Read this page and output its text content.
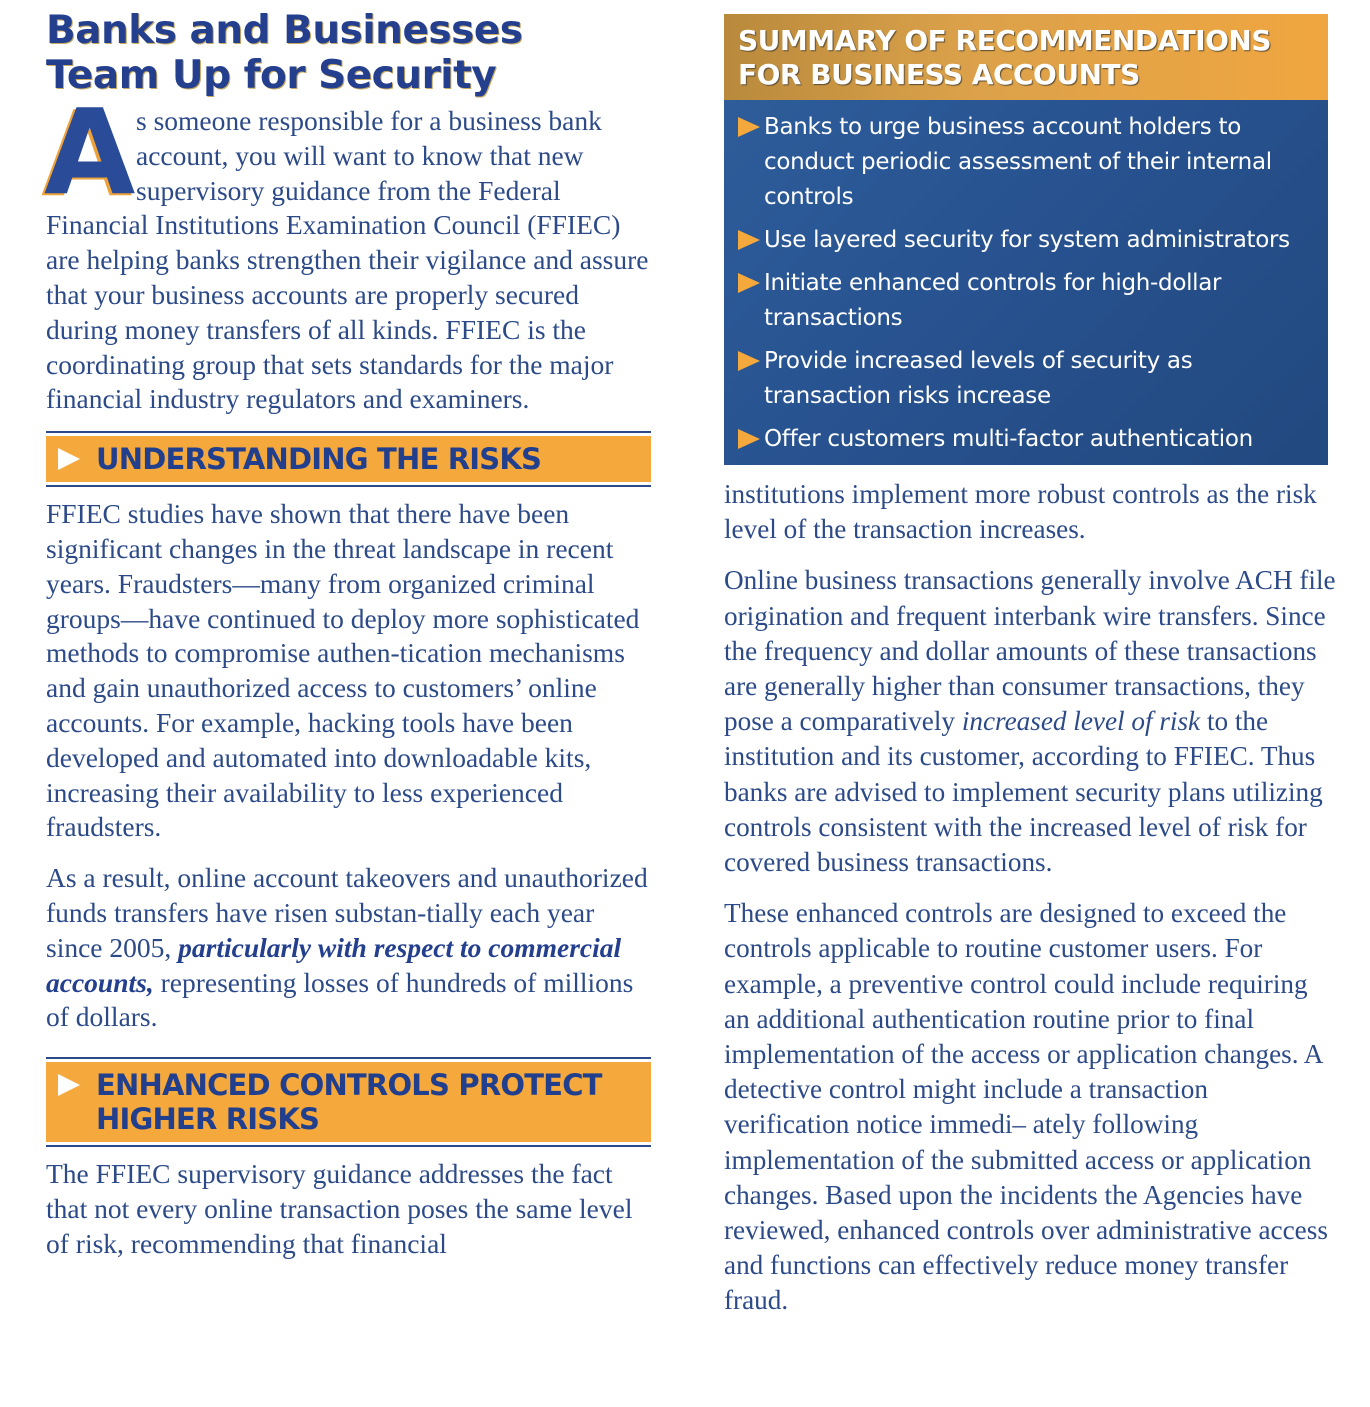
Banks and Businesses
Team Up for Security
A s someone responsible for a business bank account, you will want to know that new supervisory guidance from the Federal Financial Institutions Examination Council (FFIEC) are helping banks strengthen their vigilance and assure that your business accounts are properly secured during money transfers of all kinds. FFIEC is the coordinating group that sets standards for the major financial industry regulators and examiners.

UNDERSTANDING THE RISKS

FFIEC studies have shown that there have been significant changes in the threat landscape in recent years. Fraudsters—many from organized criminal groups—have continued to deploy more sophisticated methods to compromise authen-tication mechanisms and gain unauthorized access to customers’ online accounts. For example, hacking tools have been developed and automated into downloadable kits, increasing their availability to less experienced fraudsters.

As a result, online account takeovers and unauthorized funds transfers have risen substan-tially each year since 2005, particularly with respect to commercial accounts, representing losses of hundreds of millions of dollars.

ENHANCED CONTROLS PROTECT
HIGHER RISKS

The FFIEC supervisory guidance addresses the fact that not every online transaction poses the same level of risk, recommending that financial

SUMMARY OF RECOMMENDATIONS
FOR BUSINESS ACCOUNTS
Banks to urge business account holders to conduct periodic assessment of their internal controls
Use layered security for system administrators
Initiate enhanced controls for high-dollar transactions
Provide increased levels of security as transaction risks increase
Offer customers multi-factor authentication

institutions implement more robust controls as the risk level of the transaction increases.

Online business transactions generally involve ACH file origination and frequent interbank wire transfers. Since the frequency and dollar amounts of these transactions are generally higher than consumer transactions, they pose a comparatively increased level of risk to the institution and its customer, according to FFIEC. Thus banks are advised to implement security plans utilizing controls consistent with the increased level of risk for covered business transactions.

These enhanced controls are designed to exceed the controls applicable to routine customer users. For example, a preventive control could include requiring an additional authentication routine prior to final implementation of the access or application changes. A detective control might include a transaction verification notice immedi– ately following implementation of the submitted access or application changes. Based upon the incidents the Agencies have reviewed, enhanced controls over administrative access and functions can effectively reduce money transfer fraud.
